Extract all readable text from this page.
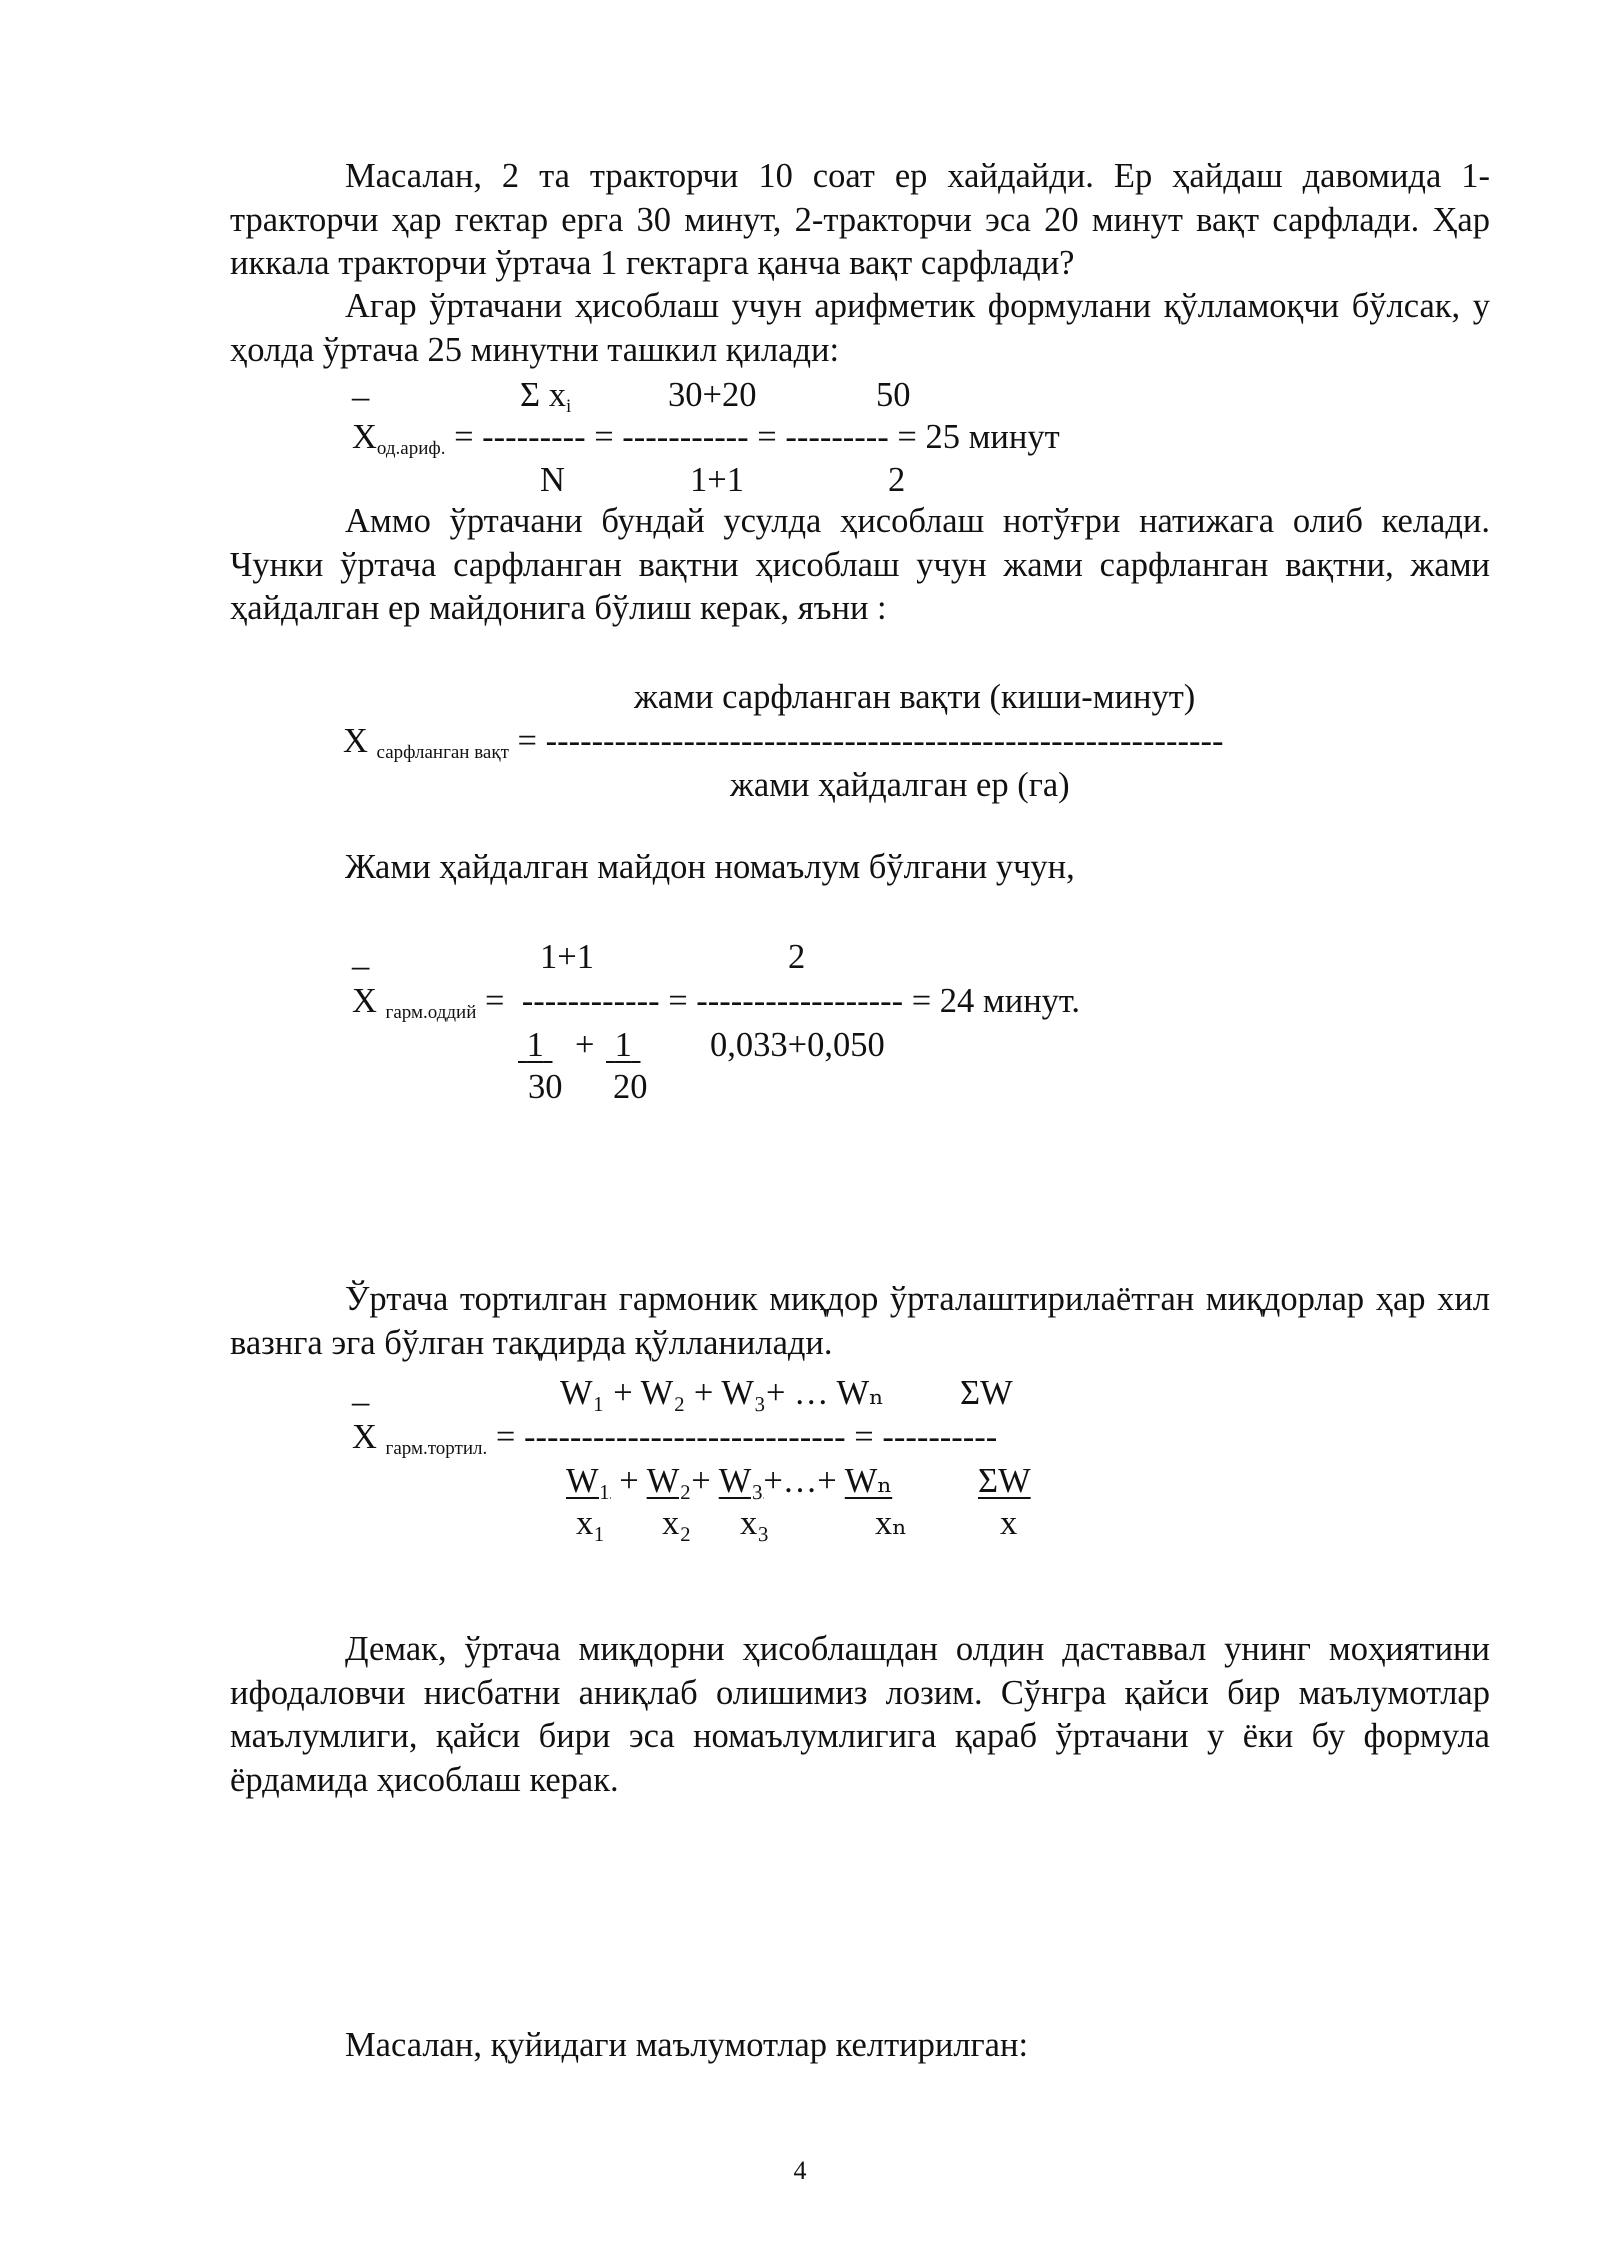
Масалан, 2 та тракторчи 10 соат ер хайдайди. Ер ҳайдаш давомида 1-тракторчи ҳар гектар ерга 30 минут, 2-тракторчи эса 20 минут вақт сарфлади. Ҳар иккала тракторчи ўртача 1 гектарга қанча вақт сарфлади?

Агар ўртачани ҳисоблаш учун арифметик формулани қўлламоқчи бўлсак, у ҳолда ўртача 25 минутни ташкил қилади:

_	Σ $x_i$	30+20	50
$X_{од.ариф.}$ = --------- = ----------- = --------- = 25 минут
N	1+1	2

Аммо ўртачани бундай усулда ҳисоблаш нотўғри натижага олиб келади. Чунки ўртача сарфланган вақтни ҳисоблаш учун жами сарфланган вақтни, жами ҳайдалган ер майдонига бўлиш керак, яъни :

жами сарфланган вақти (киши-минут)
X $_{сарфланган вақт}$ = -----------------------------------------------------------
жами ҳайдалган ер (га)

Жами ҳайдалган майдон номаълум бўлгани учун,

_	1+1	2
X $_{гарм.оддий}$ =  ------------ = ------------------ = 24 минут.
1 + 1 0,033+0,050
30 20

Ўртача тортилган гармоник миқдор ўрталаштирилаётган миқдорлар ҳар хил вазнга эга бўлган тақдирда қўлланилади.

_	W₁ + W₂ + W₃+ … Wₙ ΣW
X $_{гарм.тортил.}$ = ---------------------------- = ----------
W₁ + W₂+ W₃+…+ Wₙ ΣW
x₁ x₂ x₃	xₙ	x

Демак, ўртача миқдорни ҳисоблашдан олдин даставвал унинг моҳиятини ифодаловчи нисбатни аниқлаб олишимиз лозим. Сўнгра қайси бир маълумотлар маълумлиги, қайси бири эса номаълумлигига қараб ўртачани у ёки бу формула ёрдамида ҳисоблаш керак.

Масалан, қуйидаги маълумотлар келтирилган:

4
